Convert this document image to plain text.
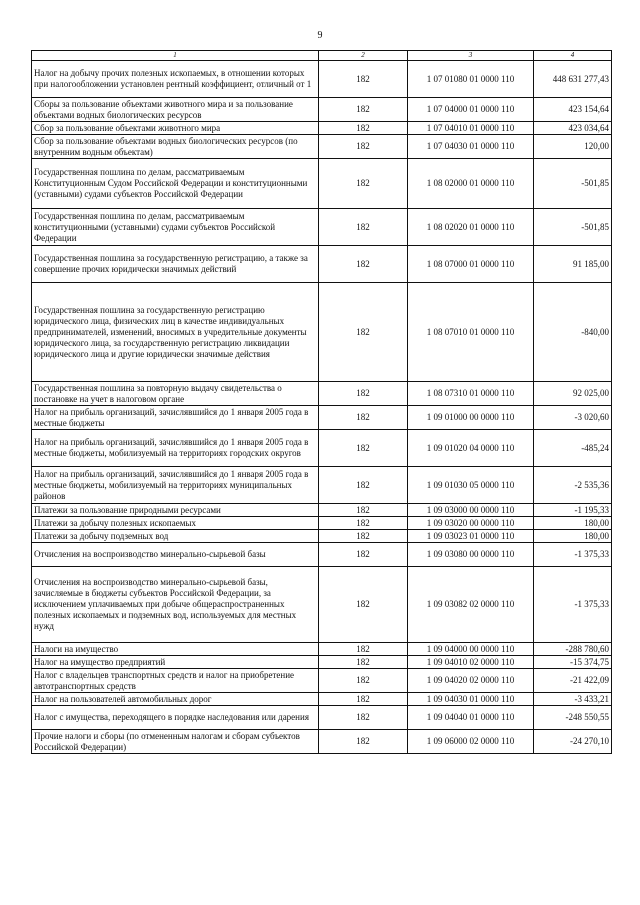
9
1	2	3	4
Налог на добычу прочих полезных ископаемых, в отношении которых при налогообложении установлен рентный коэффициент, отличный от 1	182	1 07 01080 01 0000 110	448 631 277,43
Сборы за пользование объектами животного мира и за пользование объектами водных биологических ресурсов	182	1 07 04000 01 0000 110	423 154,64
Сбор за пользование объектами животного мира	182	1 07 04010 01 0000 110	423 034,64
Сбор за пользование объектами водных биологических ресурсов (по внутренним водным объектам)	182	1 07 04030 01 0000 110	120,00
Государственная пошлина по делам, рассматриваемым Конституционным Судом Российской Федерации и конституционными (уставными) судами субъектов Российской Федерации	182	1 08 02000 01 0000 110	-501,85
Государственная пошлина по делам, рассматриваемым конституционными (уставными) судами субъектов Российской Федерации	182	1 08 02020 01 0000 110	-501,85
Государственная пошлина за государственную регистрацию, а также за совершение прочих юридически значимых действий	182	1 08 07000 01 0000 110	91 185,00
Государственная пошлина за государственную регистрацию юридического лица, физических лиц в качестве индивидуальных предпринимателей, изменений, вносимых в учредительные документы юридического лица, за государственную регистрацию ликвидации юридического лица и другие юридически значимые действия	182	1 08 07010 01 0000 110	-840,00
Государственная пошлина за повторную выдачу свидетельства о постановке на учет в налоговом органе	182	1 08 07310 01 0000 110	92 025,00
Налог на прибыль организаций, зачислявшийся до 1 января 2005 года в местные бюджеты	182	1 09 01000 00 0000 110	-3 020,60
Налог на прибыль организаций, зачислявшийся до 1 января 2005 года в местные бюджеты, мобилизуемый на территориях городских округов	182	1 09 01020 04 0000 110	-485,24
Налог на прибыль организаций, зачислявшийся до 1 января 2005 года в местные бюджеты, мобилизуемый на территориях муниципальных районов	182	1 09 01030 05 0000 110	-2 535,36
Платежи за пользование природными ресурсами	182	1 09 03000 00 0000 110	-1 195,33
Платежи за добычу полезных ископаемых	182	1 09 03020 00 0000 110	180,00
Платежи за добычу подземных вод	182	1 09 03023 01 0000 110	180,00
Отчисления на воспроизводство минерально-сырьевой базы	182	1 09 03080 00 0000 110	-1 375,33
Отчисления на воспроизводство минерально-сырьевой базы, зачисляемые в бюджеты субъектов Российской Федерации, за исключением уплачиваемых при добыче общераспространенных полезных ископаемых и подземных вод, используемых для местных нужд	182	1 09 03082 02 0000 110	-1 375,33
Налоги на имущество	182	1 09 04000 00 0000 110	-288 780,60
Налог на имущество предприятий	182	1 09 04010 02 0000 110	-15 374,75
Налог с владельцев транспортных средств и налог на приобретение автотранспортных средств	182	1 09 04020 02 0000 110	-21 422,09
Налог на пользователей автомобильных дорог	182	1 09 04030 01 0000 110	-3 433,21
Налог с имущества, переходящего в порядке наследования или дарения	182	1 09 04040 01 0000 110	-248 550,55
Прочие налоги и сборы (по отмененным налогам и сборам субъектов Российской Федерации)	182	1 09 06000 02 0000 110	-24 270,10
